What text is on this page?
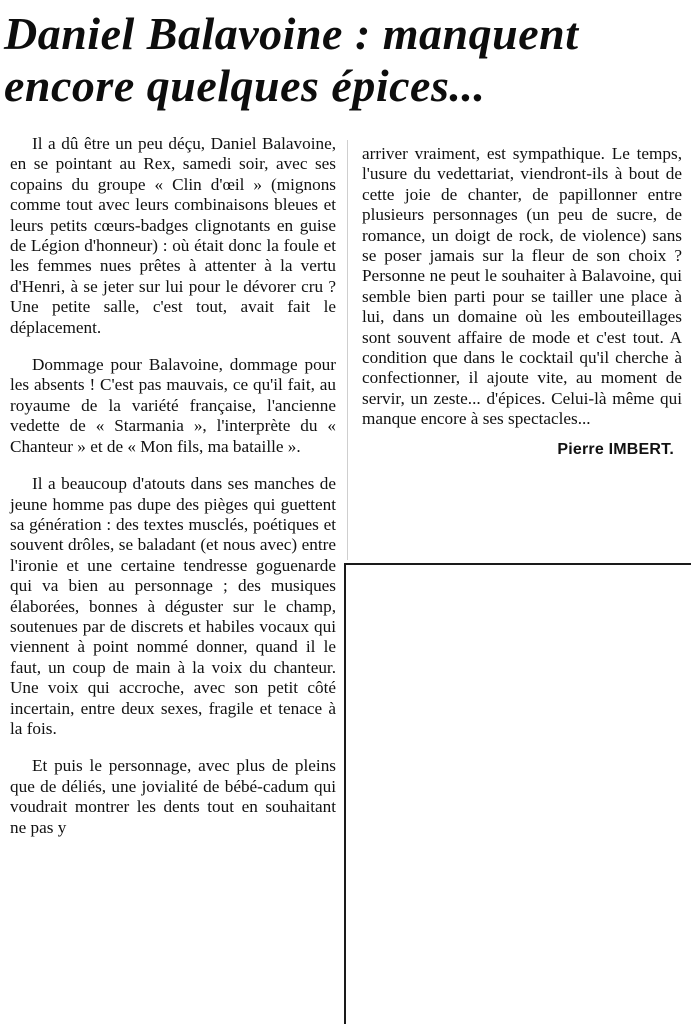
Daniel Balavoine : manquent
encore quelques épices...

Il a dû être un peu déçu, Daniel Balavoine, en se pointant au Rex, samedi soir, avec ses copains du groupe « Clin d'œil » (mignons comme tout avec leurs combinaisons bleues et leurs petits cœurs-badges clignotants en guise de Légion d'honneur) : où était donc la foule et les femmes nues prêtes à attenter à la vertu d'Henri, à se jeter sur lui pour le dévorer cru ? Une petite salle, c'est tout, avait fait le déplacement.

Dommage pour Balavoine, dommage pour les absents ! C'est pas mauvais, ce qu'il fait, au royaume de la variété française, l'ancienne vedette de « Starmania », l'interprète du « Chanteur » et de « Mon fils, ma bataille ».

Il a beaucoup d'atouts dans ses manches de jeune homme pas dupe des pièges qui guettent sa génération : des textes musclés, poétiques et souvent drôles, se baladant (et nous avec) entre l'ironie et une certaine tendresse goguenarde qui va bien au personnage ; des musiques élaborées, bonnes à déguster sur le champ, soutenues par de discrets et habiles vocaux qui viennent à point nommé donner, quand il le faut, un coup de main à la voix du chanteur. Une voix qui accroche, avec son petit côté incertain, entre deux sexes, fragile et tenace à la fois.

Et puis le personnage, avec plus de pleins que de déliés, une jovialité de bébé-cadum qui voudrait montrer les dents tout en souhaitant ne pas y

arriver vraiment, est sympathique. Le temps, l'usure du vedettariat, viendront-ils à bout de cette joie de chanter, de papillonner entre plusieurs personnages (un peu de sucre, de romance, un doigt de rock, de violence) sans se poser jamais sur la fleur de son choix ? Personne ne peut le souhaiter à Balavoine, qui semble bien parti pour se tailler une place à lui, dans un domaine où les embouteillages sont souvent affaire de mode et c'est tout. A condition que dans le cocktail qu'il cherche à confectionner, il ajoute vite, au moment de servir, un zeste... d'épices. Celui-là même qui manque encore à ses spectacles...

Pierre IMBERT.
